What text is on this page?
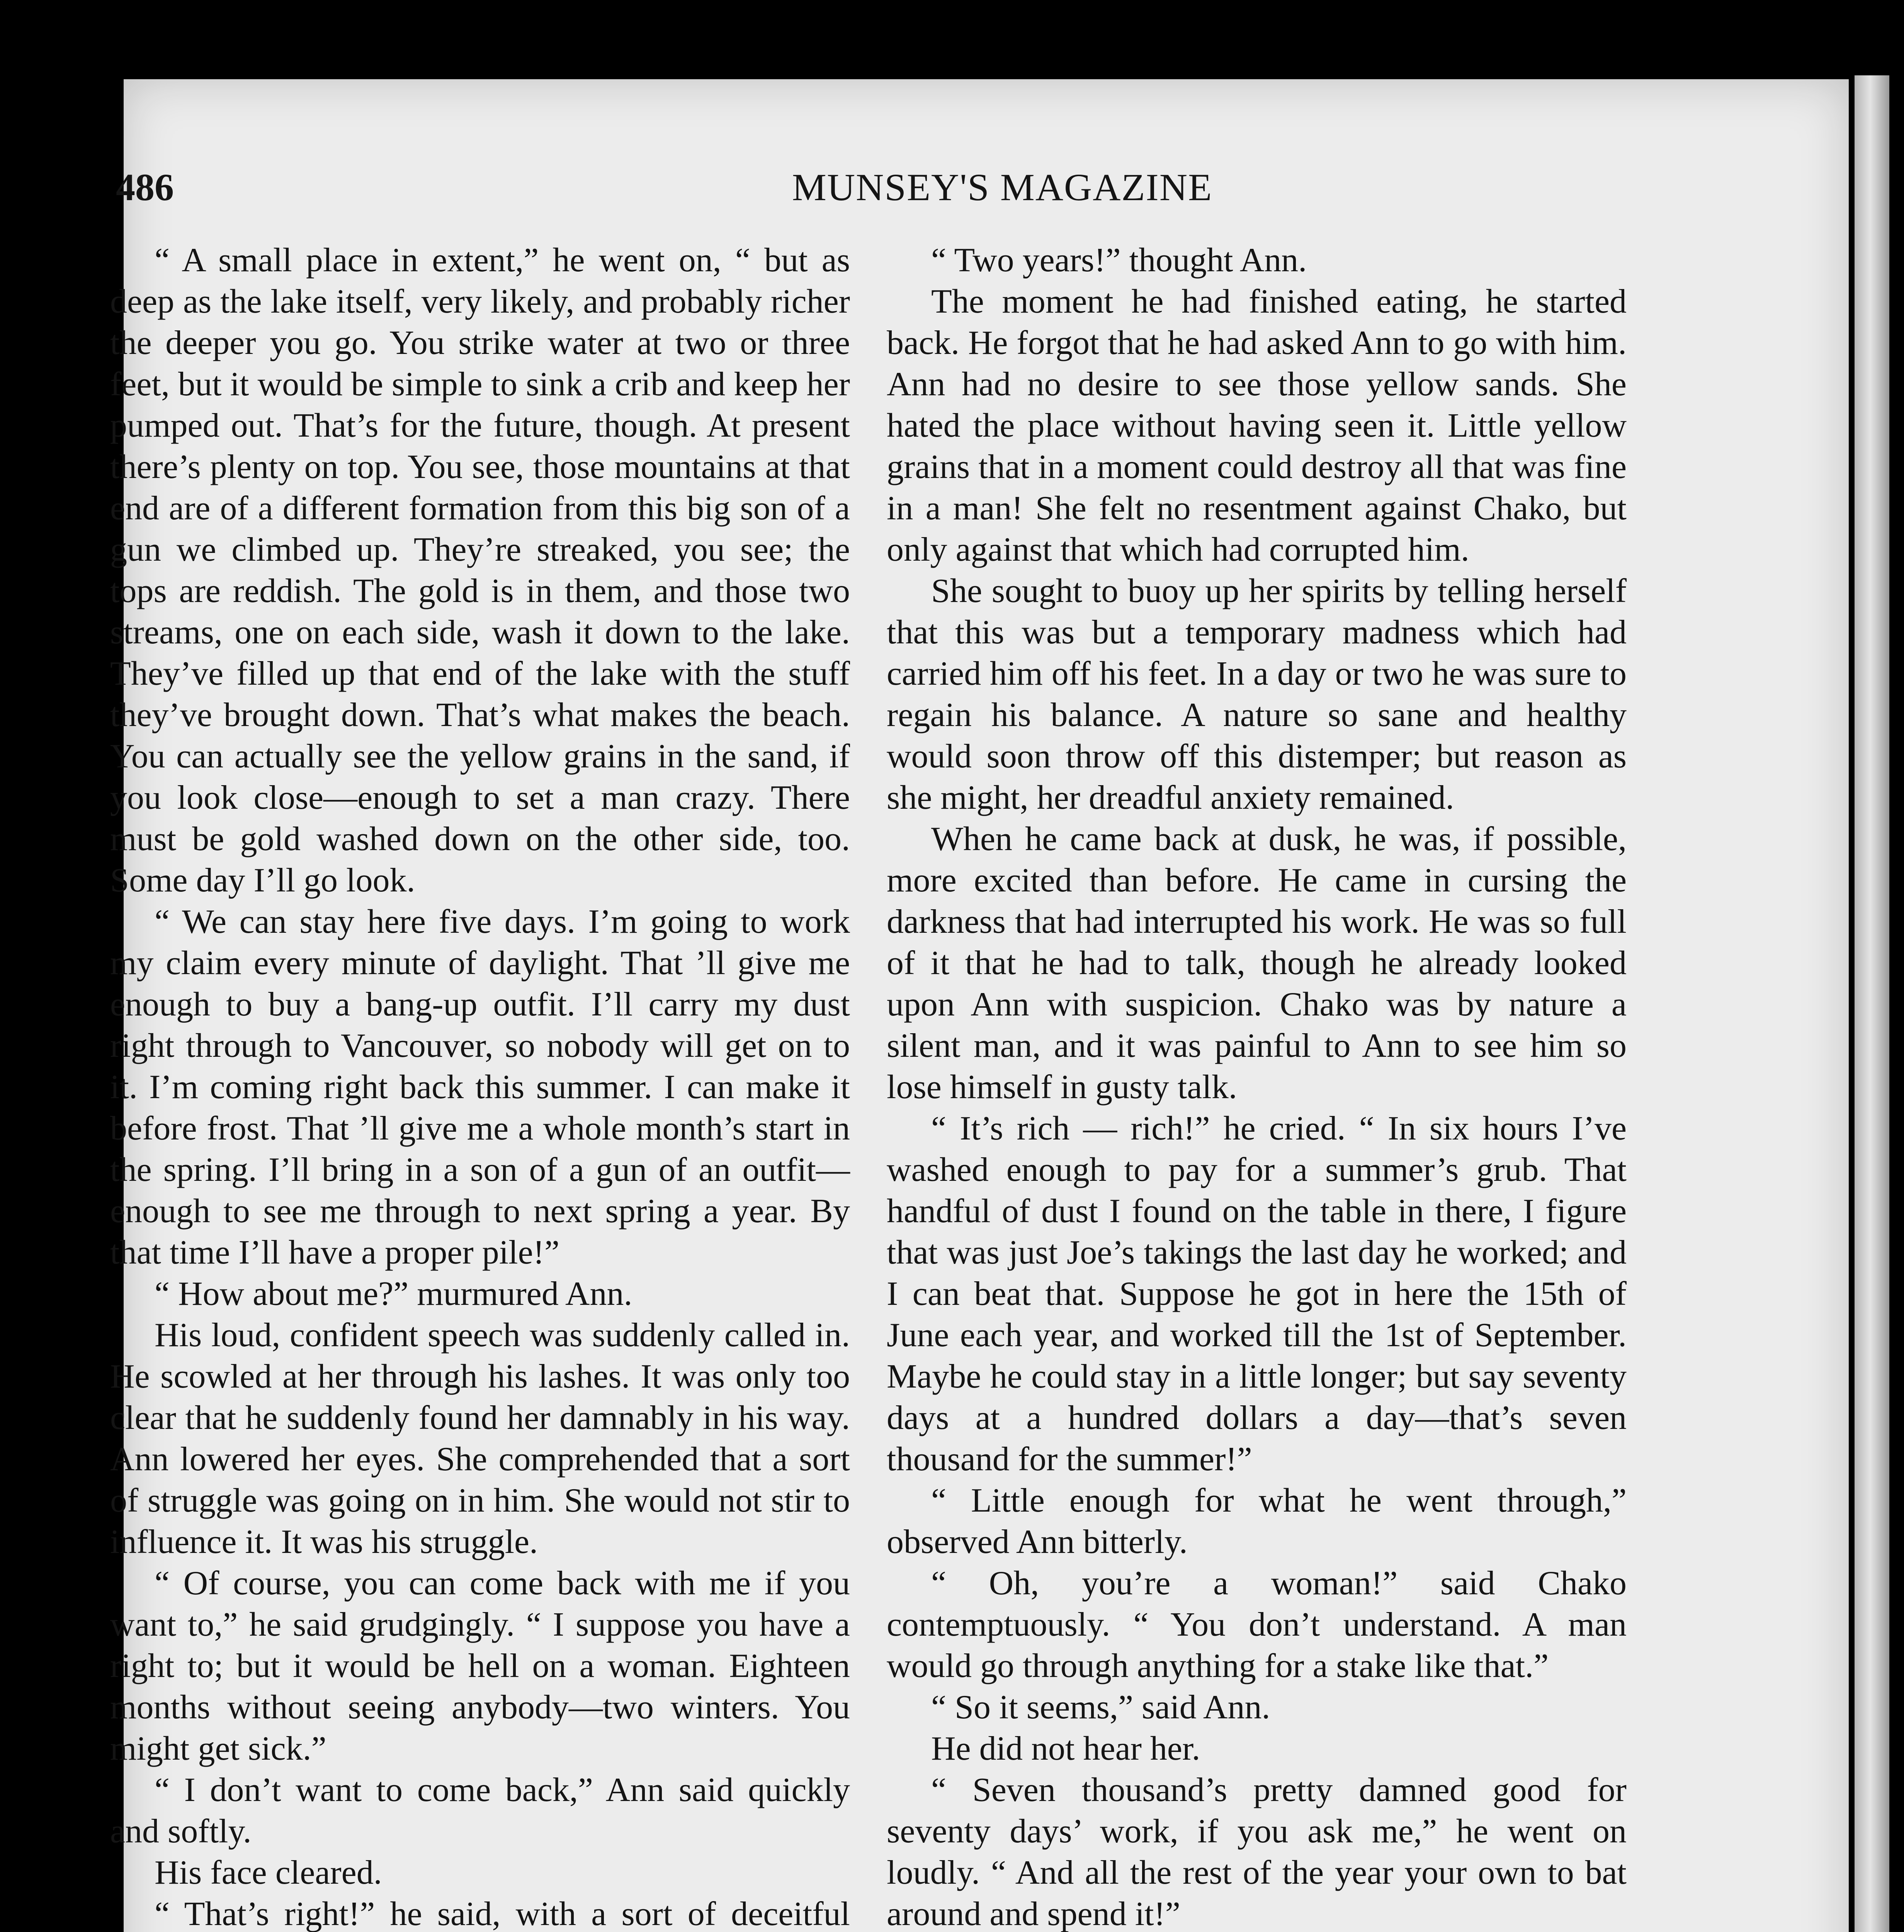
486	MUNSEY'S MAGAZINE

“ A small place in extent,” he went on, “ but as deep as the lake itself, very likely, and probably richer the deeper you go. You strike water at two or three feet, but it would be simple to sink a crib and keep her pumped out. That’s for the future, though. At present there’s plenty on top. You see, those mountains at that end are of a different formation from this big son of a gun we climbed up. They’re streaked, you see; the tops are reddish. The gold is in them, and those two streams, one on each side, wash it down to the lake. They’ve filled up that end of the lake with the stuff they’ve brought down. That’s what makes the beach. You can actually see the yellow grains in the sand, if you look close—enough to set a man crazy. There must be gold washed down on the other side, too. Some day I’ll go look.

“ We can stay here five days. I’m going to work my claim every minute of daylight. That ’ll give me enough to buy a bang-up outfit. I’ll carry my dust right through to Vancouver, so nobody will get on to it. I’m coming right back this summer. I can make it before frost. That ’ll give me a whole month’s start in the spring. I’ll bring in a son of a gun of an outfit—enough to see me through to next spring a year. By that time I’ll have a proper pile!”

“ How about me?” murmured Ann.

His loud, confident speech was suddenly called in. He scowled at her through his lashes. It was only too clear that he suddenly found her damnably in his way. Ann lowered her eyes. She comprehended that a sort of struggle was going on in him. She would not stir to influence it. It was his struggle.

“ Of course, you can come back with me if you want to,” he said grudgingly. “ I suppose you have a right to; but it would be hell on a woman. Eighteen months without seeing anybody—two winters. You might get sick.”

“ I don’t want to come back,” Ann said quickly and softly.

His face cleared.

“ That’s right!” he said, with a sort of deceitful

“ Two years!” thought Ann.

The moment he had finished eating, he started back. He forgot that he had asked Ann to go with him. Ann had no desire to see those yellow sands. She hated the place without having seen it. Little yellow grains that in a moment could destroy all that was fine in a man! She felt no resentment against Chako, but only against that which had corrupted him.

She sought to buoy up her spirits by telling herself that this was but a temporary madness which had carried him off his feet. In a day or two he was sure to regain his balance. A nature so sane and healthy would soon throw off this distemper; but reason as she might, her dreadful anxiety remained.

When he came back at dusk, he was, if possible, more excited than before. He came in cursing the darkness that had interrupted his work. He was so full of it that he had to talk, though he already looked upon Ann with suspicion. Chako was by nature a silent man, and it was painful to Ann to see him so lose himself in gusty talk.

“ It’s rich — rich!” he cried. “ In six hours I’ve washed enough to pay for a summer’s grub. That handful of dust I found on the table in there, I figure that was just Joe’s takings the last day he worked; and I can beat that. Suppose he got in here the 15th of June each year, and worked till the 1st of September. Maybe he could stay in a little longer; but say seventy days at a hundred dollars a day—that’s seven thousand for the summer!”

“ Little enough for what he went through,” observed Ann bitterly.

“ Oh, you’re a woman!” said Chako contemptuously. “ You don’t understand. A man would go through anything for a stake like that.”

“ So it seems,” said Ann.

He did not hear her.

“ Seven thousand’s pretty damned good for seventy days’ work, if you ask me,” he went on loudly. “ And all the rest of the year your own to bat around and spend it!”
